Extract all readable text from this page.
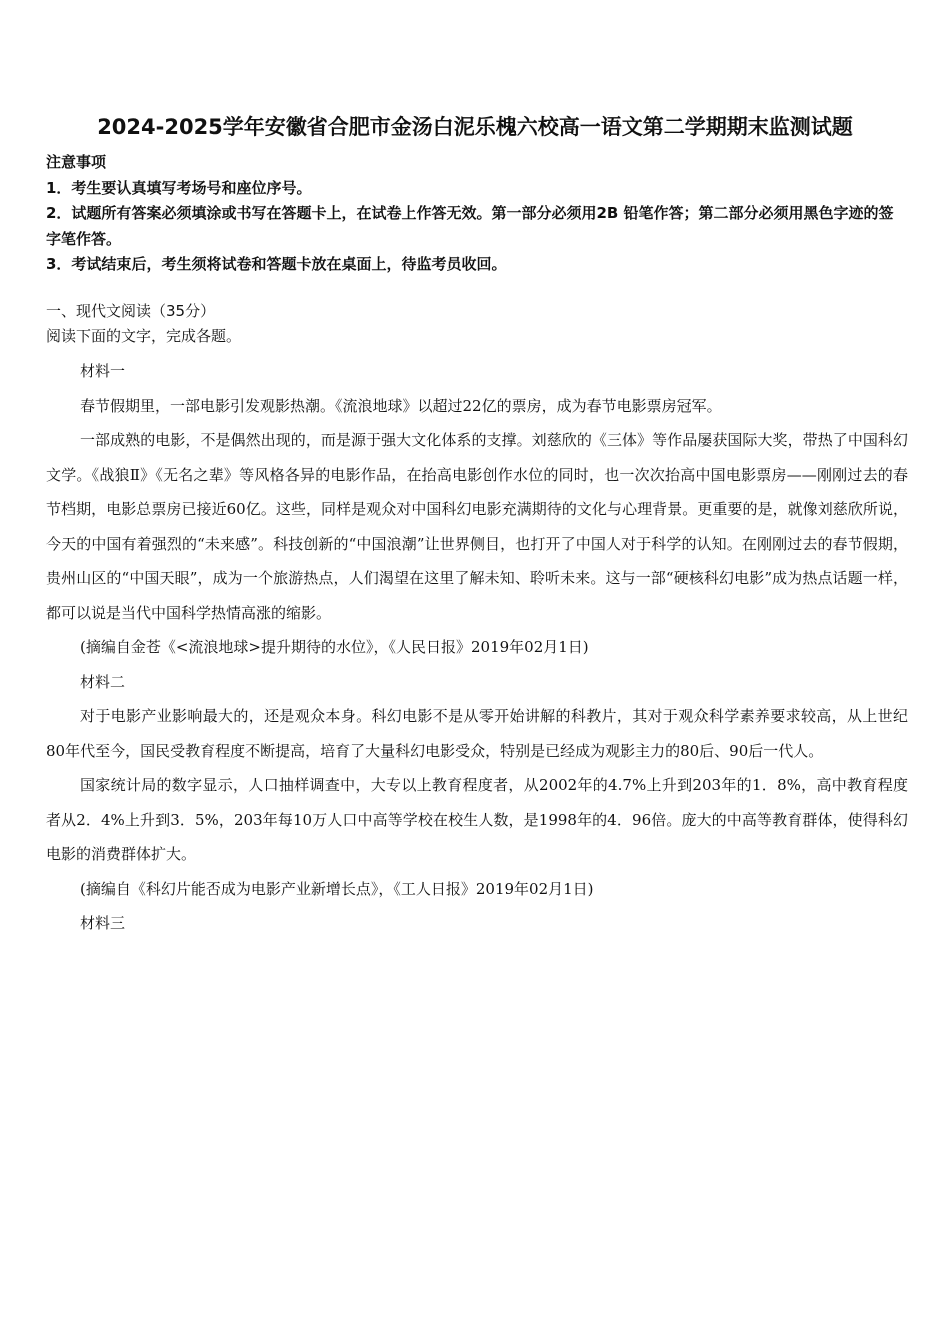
2024-2025学年安徽省合肥市金汤白泥乐槐六校高一语文第二学期期末监测试题

注意事项

1．考生要认真填写考场号和座位序号。

2．试题所有答案必须填涂或书写在答题卡上，在试卷上作答无效。第一部分必须用2B 铅笔作答；第二部分必须用黑色字迹的签字笔作答。

3．考试结束后，考生须将试卷和答题卡放在桌面上，待监考员收回。

一、现代文阅读（35分）

阅读下面的文字，完成各题。

材料一

春节假期里，一部电影引发观影热潮。《流浪地球》以超过22亿的票房，成为春节电影票房冠军。

一部成熟的电影，不是偶然出现的，而是源于强大文化体系的支撑。刘慈欣的《三体》等作品屡获国际大奖，带热了中国科幻文学。《战狼Ⅱ》《无名之辈》等风格各异的电影作品，在抬高电影创作水位的同时，也一次次抬高中国电影票房——刚刚过去的春节档期，电影总票房已接近60亿。这些，同样是观众对中国科幻电影充满期待的文化与心理背景。更重要的是，就像刘慈欣所说，今天的中国有着强烈的“未来感”。科技创新的“中国浪潮”让世界侧目，也打开了中国人对于科学的认知。在刚刚过去的春节假期，贵州山区的“中国天眼”，成为一个旅游热点，人们渴望在这里了解未知、聆听未来。这与一部“硬核科幻电影”成为热点话题一样，都可以说是当代中国科学热情高涨的缩影。

(摘编自金苍《<流浪地球>提升期待的水位》，《人民日报》2019年02月1日)

材料二

对于电影产业影响最大的，还是观众本身。科幻电影不是从零开始讲解的科教片，其对于观众科学素养要求较高，从上世纪80年代至今，国民受教育程度不断提高，培育了大量科幻电影受众，特别是已经成为观影主力的80后、90后一代人。

国家统计局的数字显示，人口抽样调查中，大专以上教育程度者，从2002年的4.7%上升到203年的1．8%，高中教育程度者从2．4%上升到3．5%，203年每10万人口中高等学校在校生人数，是1998年的4．96倍。庞大的中高等教育群体，使得科幻电影的消费群体扩大。

(摘编自《科幻片能否成为电影产业新增长点》，《工人日报》2019年02月1日)

材料三
